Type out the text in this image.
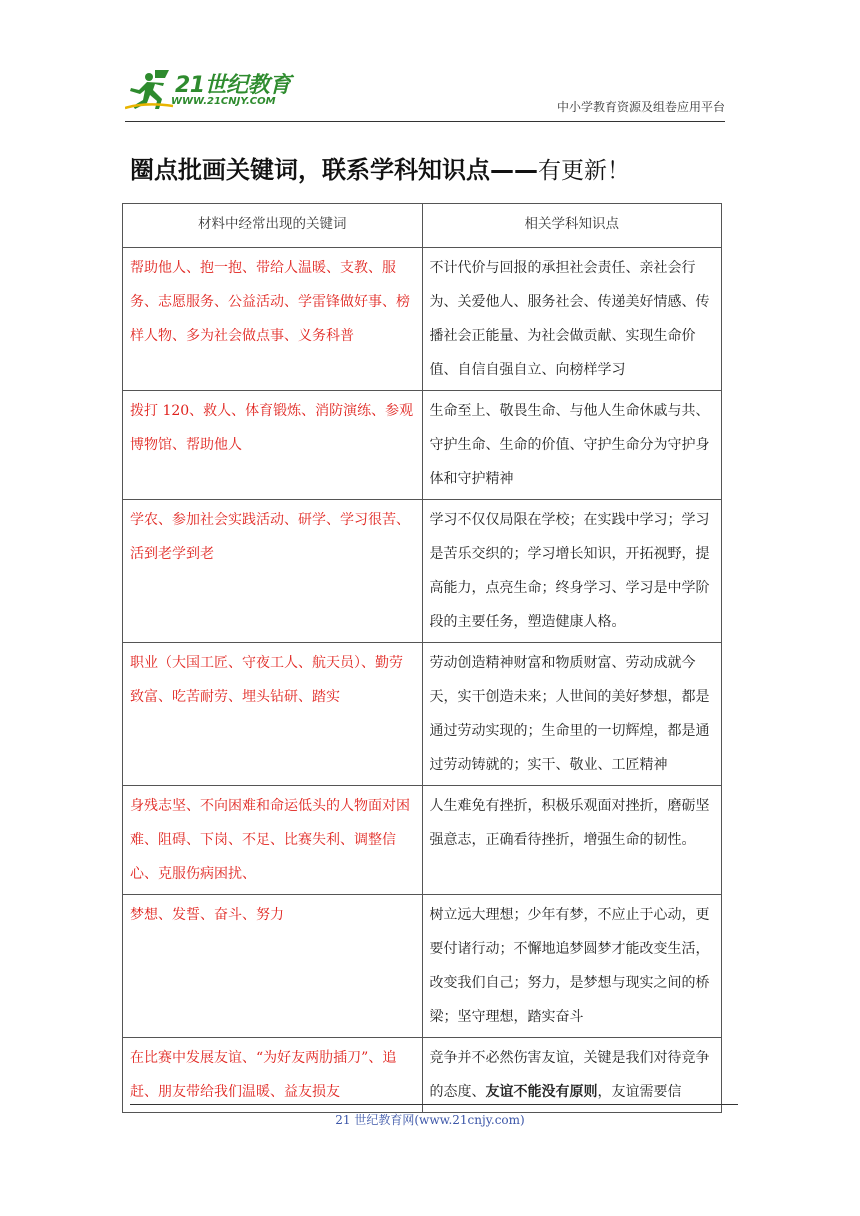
21世纪教育
WWW.21CNJY.COM	中小学教育资源及组卷应用平台
圈点批画关键词，联系学科知识点——有更新！
材料中经常出现的关键词	相关学科知识点
帮助他人、抱一抱、带给人温暖、支教、服务、志愿服务、公益活动、学雷锋做好事、榜样人物、多为社会做点事、义务科普	不计代价与回报的承担社会责任、亲社会行为、关爱他人、服务社会、传递美好情感、传播社会正能量、为社会做贡献、实现生命价值、自信自强自立、向榜样学习
拨打 120、救人、体育锻炼、消防演练、参观博物馆、帮助他人	生命至上、敬畏生命、与他人生命休戚与共、守护生命、生命的价值、守护生命分为守护身体和守护精神
学农、参加社会实践活动、研学、学习很苦、活到老学到老	学习不仅仅局限在学校；在实践中学习；学习是苦乐交织的；学习增长知识，开拓视野，提高能力，点亮生命；终身学习、学习是中学阶段的主要任务，塑造健康人格。
职业（大国工匠、守夜工人、航天员）、勤劳致富、吃苦耐劳、埋头钻研、踏实	劳动创造精神财富和物质财富、劳动成就今天，实干创造未来；人世间的美好梦想，都是通过劳动实现的；生命里的一切辉煌，都是通过劳动铸就的；实干、敬业、工匠精神
身残志坚、不向困难和命运低头的人物面对困难、阻碍、下岗、不足、比赛失利、调整信心、克服伤病困扰、	人生难免有挫折，积极乐观面对挫折，磨砺坚强意志，正确看待挫折，增强生命的韧性。
梦想、发誓、奋斗、努力	树立远大理想；少年有梦，不应止于心动，更要付诸行动；不懈地追梦圆梦才能改变生活，改变我们自己；努力，是梦想与现实之间的桥梁；坚守理想，踏实奋斗
在比赛中发展友谊、“为好友两肋插刀”、追赶、朋友带给我们温暖、益友损友	竞争并不必然伤害友谊，关键是我们对待竞争的态度、友谊不能没有原则，友谊需要信
21 世纪教育网(www.21cnjy.com)
